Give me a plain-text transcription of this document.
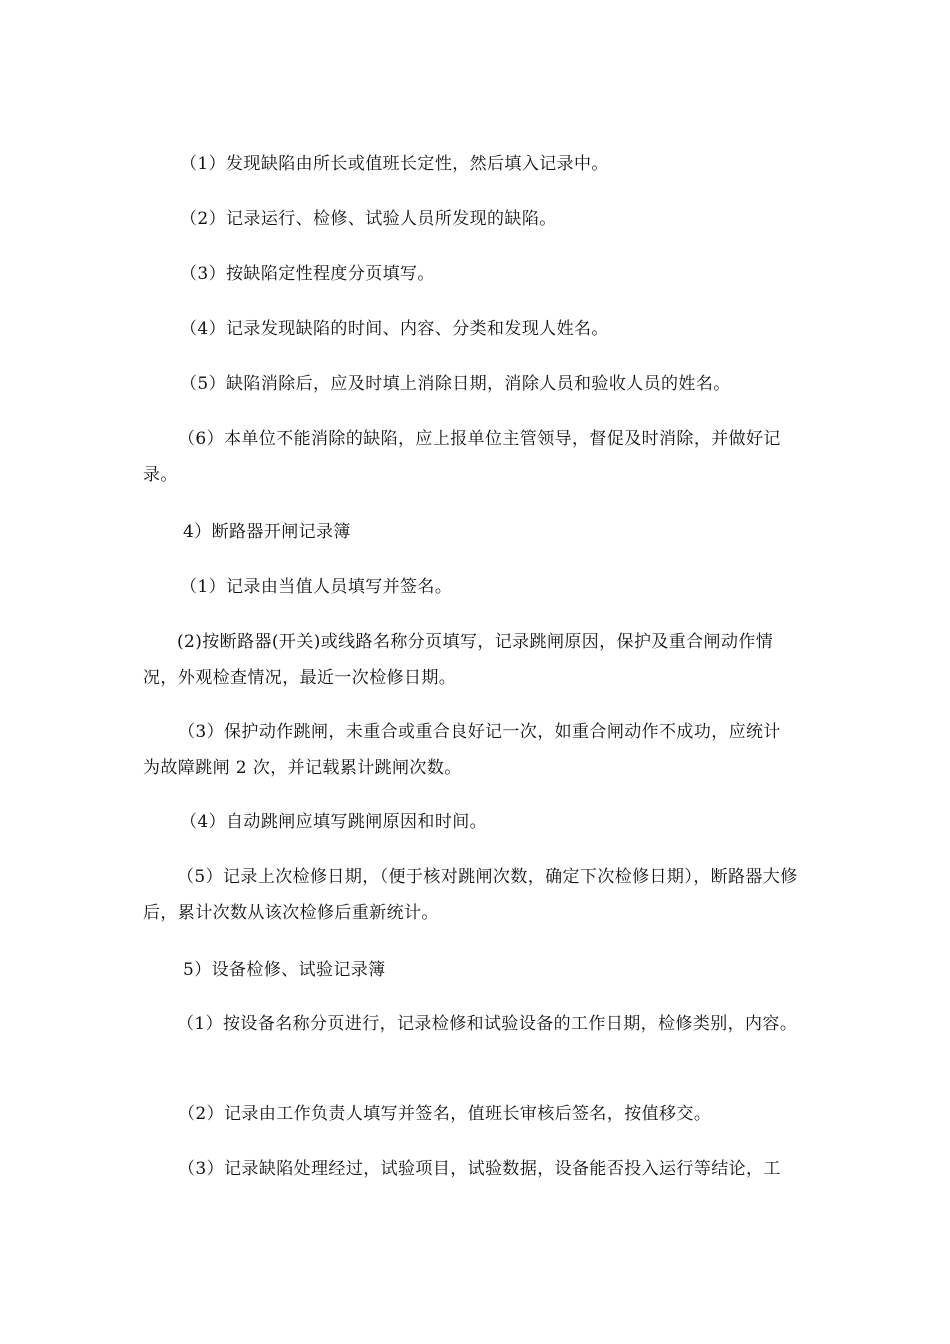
（1）发现缺陷由所长或值班长定性，然后填入记录中。

（2）记录运行、检修、试验人员所发现的缺陷。

（3）按缺陷定性程度分页填写。

（4）记录发现缺陷的时间、内容、分类和发现人姓名。

（5）缺陷消除后，应及时填上消除日期，消除人员和验收人员的姓名。

（6）本单位不能消除的缺陷，应上报单位主管领导，督促及时消除，并做好记录。

4）断路器开闸记录簿

（1）记录由当值人员填写并签名。

(2)按断路器(开关)或线路名称分页填写，记录跳闸原因，保护及重合闸动作情况，外观检查情况，最近一次检修日期。

（3）保护动作跳闸，未重合或重合良好记一次，如重合闸动作不成功，应统计为故障跳闸 2 次，并记载累计跳闸次数。

（4）自动跳闸应填写跳闸原因和时间。

（5）记录上次检修日期，（便于核对跳闸次数，确定下次检修日期），断路器大修后，累计次数从该次检修后重新统计。

5）设备检修、试验记录簿

（1）按设备名称分页进行，记录检修和试验设备的工作日期，检修类别，内容。

（2）记录由工作负责人填写并签名，值班长审核后签名，按值移交。

（3）记录缺陷处理经过，试验项目，试验数据，设备能否投入运行等结论，工
